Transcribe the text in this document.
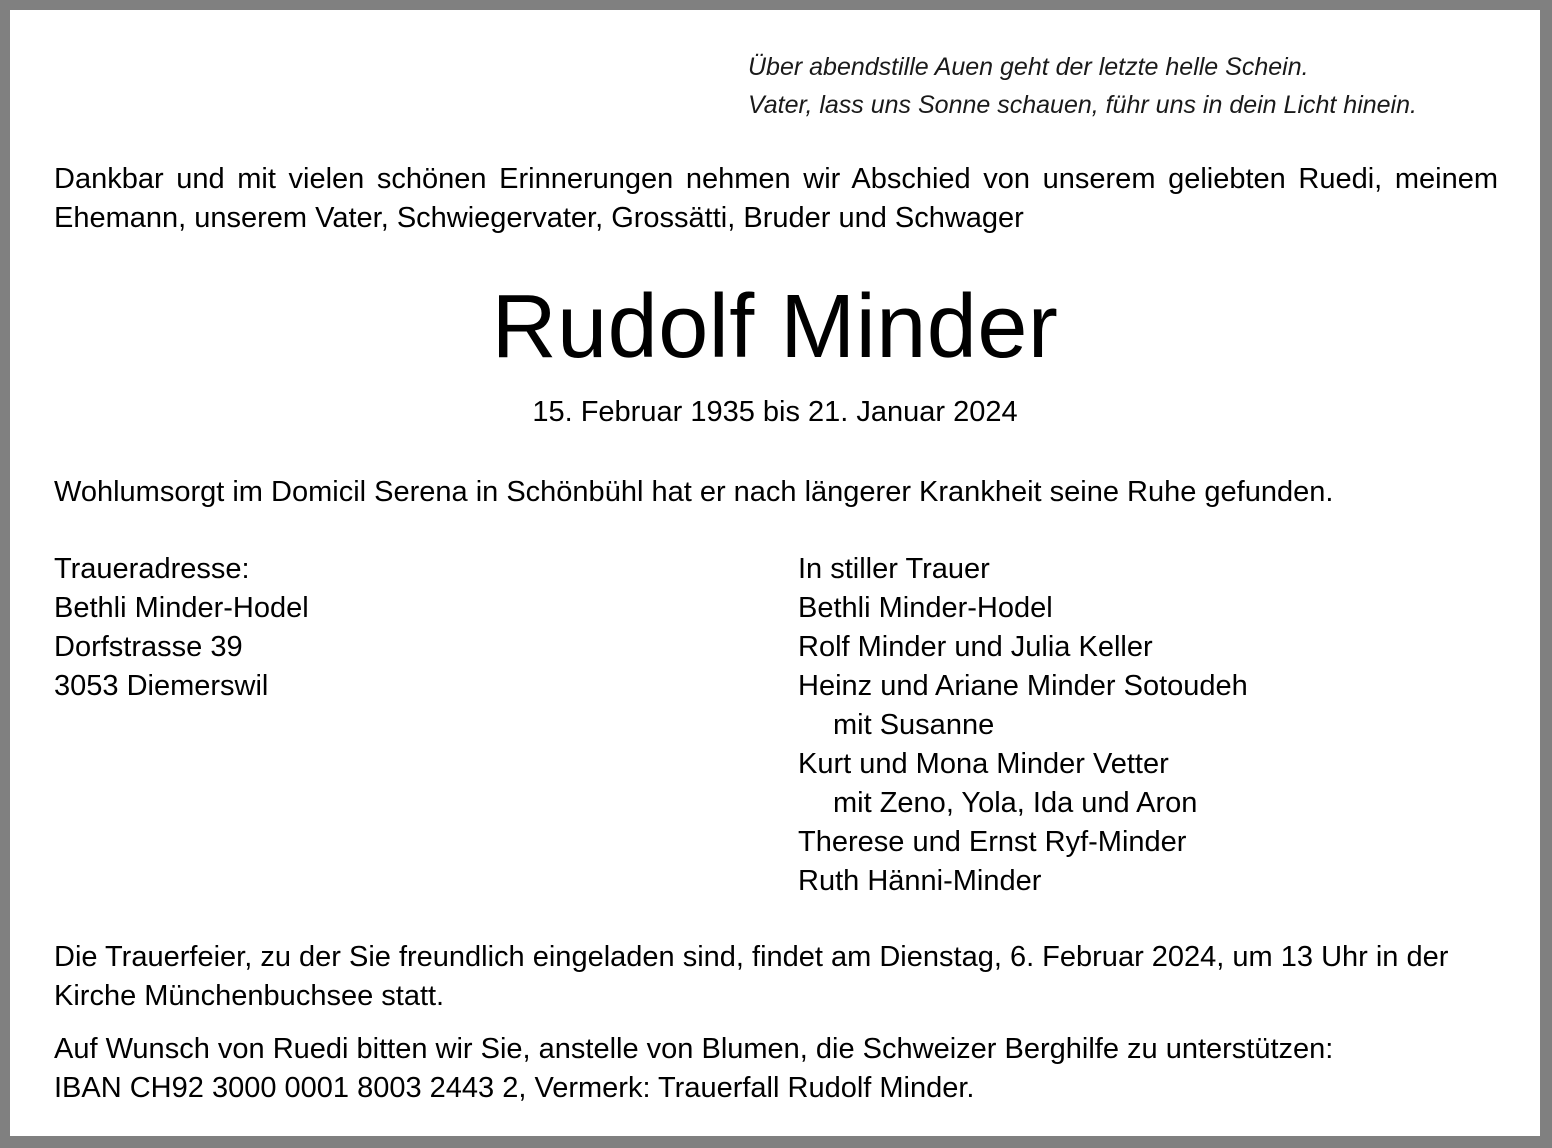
Über abendstille Auen geht der letzte helle Schein.
Vater, lass uns Sonne schauen, führ uns in dein Licht hinein.
Dankbar und mit vielen schönen Erinnerungen nehmen wir Abschied von unserem geliebten Ruedi, meinem Ehemann, unserem Vater, Schwiegervater, Grossätti, Bruder und Schwager
Rudolf Minder
15. Februar 1935 bis 21. Januar 2024
Wohlumsorgt im Domicil Serena in Schönbühl hat er nach längerer Krankheit seine Ruhe gefunden.
Traueradresse:
Bethli Minder-Hodel
Dorfstrasse 39
3053 Diemerswil
In stiller Trauer
Bethli Minder-Hodel
Rolf Minder und Julia Keller
Heinz und Ariane Minder Sotoudeh
mit Susanne
Kurt und Mona Minder Vetter
mit Zeno, Yola, Ida und Aron
Therese und Ernst Ryf-Minder
Ruth Hänni-Minder
Die Trauerfeier, zu der Sie freundlich eingeladen sind, findet am Dienstag, 6. Februar 2024, um 13 Uhr in der Kirche Münchenbuchsee statt.
Auf Wunsch von Ruedi bitten wir Sie, anstelle von Blumen, die Schweizer Berghilfe zu unterstützen:
IBAN CH92 3000 0001 8003 2443 2, Vermerk: Trauerfall Rudolf Minder.
